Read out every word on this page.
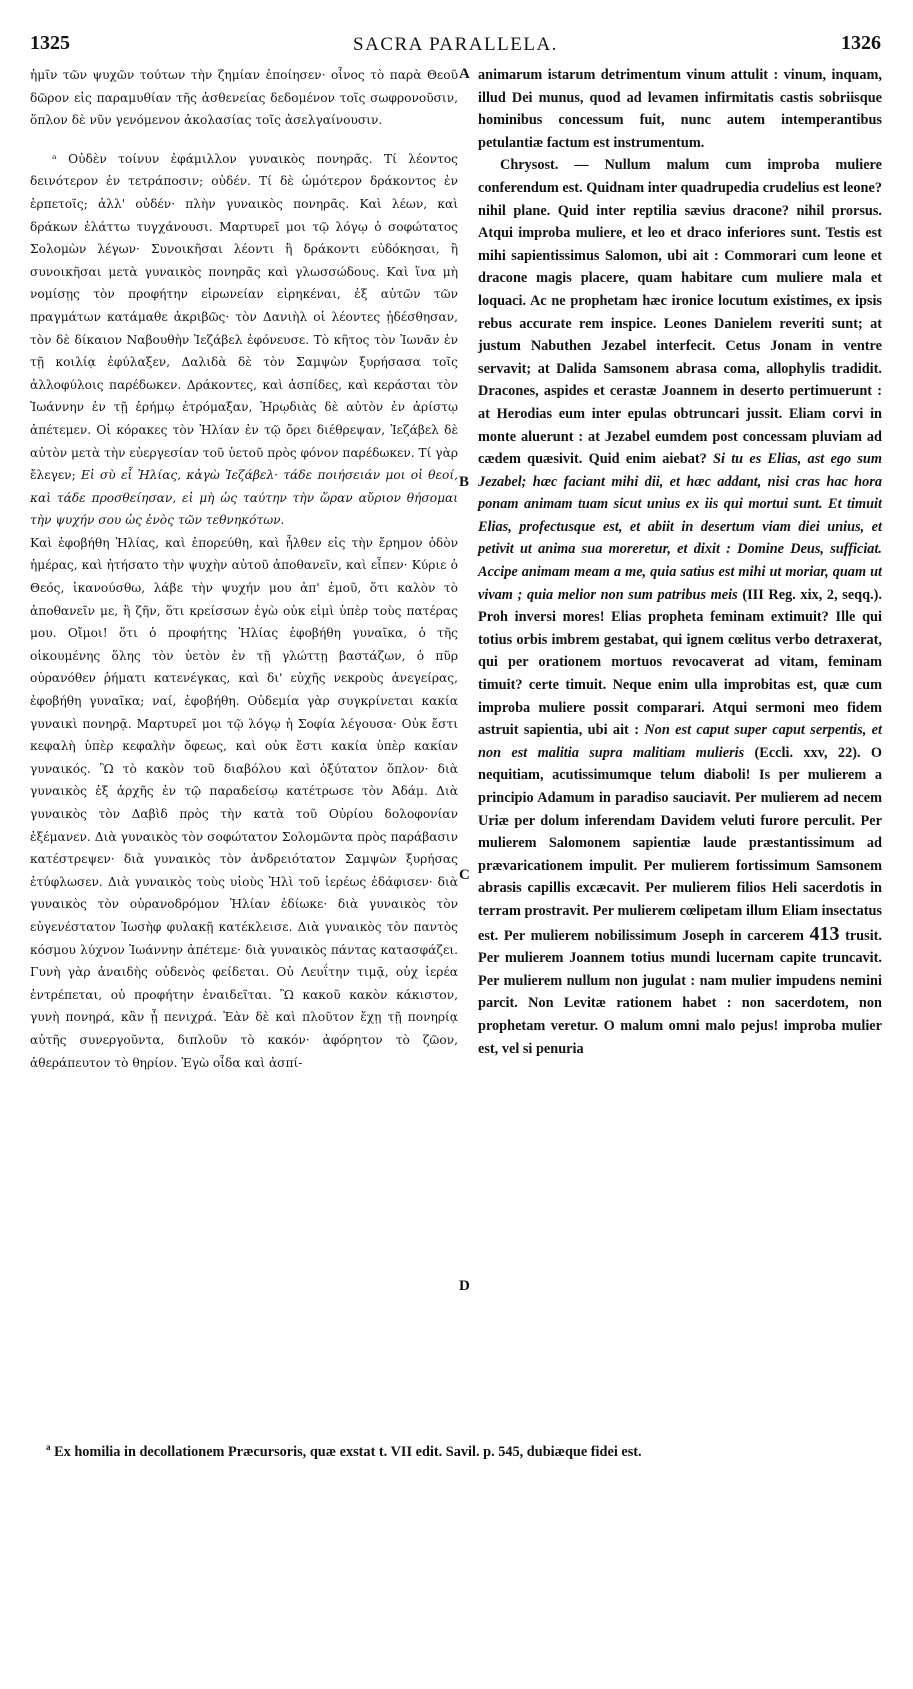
1325	SACRA PARALLELA.	1326

ἡμῖν τῶν ψυχῶν τούτων τὴν ζημίαν ἐποίησεν· οἶνος τὸ παρὰ Θεοῦ δῶρον εἰς παραμυθίαν τῆς ἀσθενείας δεδομένον τοῖς σωφρονοῦσιν, ὅπλον δὲ νῦν γενόμενον ἀκολασίας τοῖς ἀσελγαίνουσιν.

ᵃ Οὐδὲν τοίνυν ἐφάμιλλον γυναικὸς πονηρᾶς. Τί λέοντος δεινότερον ἐν τετράποσιν; οὐδέν. Τί δὲ ὠμότερον δράκοντος ἐν ἑρπετοῖς; ἀλλ' οὐδέν· πλὴν γυναικὸς πονηρᾶς. Καὶ λέων, καὶ δράκων ἐλάττω τυγχάνουσι. Μαρτυρεῖ μοι τῷ λόγῳ ὁ σοφώτατος Σολομὼν λέγων· Συνοικῆσαι λέοντι ἢ δράκοντι εὐδόκησαι, ἢ συνοικῆσαι μετὰ γυναικὸς πονηρᾶς καὶ γλωσσώδους. Καὶ ἵνα μὴ νομίσῃς τὸν προφήτην εἰρωνείαν εἰρηκέναι, ἐξ αὐτῶν τῶν πραγμάτων κατάμαθε ἀκριβῶς· τὸν Δανιὴλ οἱ λέοντες ᾐδέσθησαν, τὸν δὲ δίκαιον Ναβουθὴν Ἰεζάβελ ἐφόνευσε. Τὸ κῆτος τὸν Ἰωνᾶν ἐν τῇ κοιλίᾳ ἐφύλαξεν, Δαλιδὰ δὲ τὸν Σαμψὼν ξυρήσασα τοῖς ἀλλοφύλοις παρέδωκεν. Δράκοντες, καὶ ἀσπίδες, καὶ κεράσται τὸν Ἰωάννην ἐν τῇ ἐρήμῳ ἐτρόμαξαν, Ἡρῳδιὰς δὲ αὐτὸν ἐν ἀρίστῳ ἀπέτεμεν. Οἱ κόρακες τὸν Ἠλίαν ἐν τῷ ὄρει διέθρεψαν, Ἰεζάβελ δὲ αὐτὸν μετὰ τὴν εὐεργεσίαν τοῦ ὑετοῦ πρὸς φόνον παρέδωκεν. Τί γὰρ ἔλεγεν; Εἰ σὺ εἶ Ἠλίας, κἀγὼ Ἰεζάβελ· τάδε ποιήσειάν μοι οἱ θεοί, καὶ τάδε προσθείησαν, εἰ μὴ ὡς ταύτην τὴν ὥραν αὔριον θήσομαι τὴν ψυχήν σου ὡς ἑνὸς τῶν τεθνηκότων.

Καὶ ἐφοβήθη Ἠλίας, καὶ ἐπορεύθη, καὶ ἦλθεν εἰς τὴν ἔρημον ὁδὸν ἡμέρας, καὶ ἠτήσατο τὴν ψυχὴν αὐτοῦ ἀποθανεῖν, καὶ εἶπεν· Κύριε ὁ Θεός, ἱκανούσθω, λάβε τὴν ψυχήν μου ἀπ' ἐμοῦ, ὅτι καλὸν τὸ ἀποθανεῖν με, ἢ ζῆν, ὅτι κρείσσων ἐγὼ οὐκ εἰμὶ ὑπὲρ τοὺς πατέρας μου. Οἴμοι! ὅτι ὁ προφήτης Ἠλίας ἐφοβήθη γυναῖκα, ὁ τῆς οἰκουμένης ὅλης τὸν ὑετὸν ἐν τῇ γλώττῃ βαστάζων, ὁ πῦρ οὐρανόθεν ῥήματι κατενέγκας, καὶ δι' εὐχῆς νεκροὺς ἀνεγείρας, ἐφοβήθη γυναῖκα; ναί, ἐφοβήθη. Οὐδεμία γὰρ συγκρίνεται κακία γυναικὶ πονηρᾷ. Μαρτυρεῖ μοι τῷ λόγῳ ἡ Σοφία λέγουσα· Οὐκ ἔστι κεφαλὴ ὑπὲρ κεφαλὴν ὄφεως, καὶ οὐκ ἔστι κακία ὑπὲρ κακίαν γυναικός. Ὢ τὸ κακὸν τοῦ διαβόλου καὶ ὀξύτατον ὅπλον· διὰ γυναικὸς ἐξ ἀρχῆς ἐν τῷ παραδείσῳ κατέτρωσε τὸν Ἀδάμ. Διὰ γυναικὸς τὸν Δαβὶδ πρὸς τὴν κατὰ τοῦ Οὐρίου δολοφονίαν ἐξέμανεν. Διὰ γυναικὸς τὸν σοφώτατον Σολομῶντα πρὸς παράβασιν κατέστρεψεν· διὰ γυναικὸς τὸν ἀνδρειότατον Σαμψὼν ξυρήσας ἐτύφλωσεν. Διὰ γυναικὸς τοὺς υἱοὺς Ἠλὶ τοῦ ἱερέως ἐδάφισεν· διὰ γυναικὸς τὸν οὐρανοδρόμον Ἠλίαν ἐδίωκε· διὰ γυναικὸς τὸν εὐγενέστατον Ἰωσὴφ φυλακῇ κατέκλεισε. Διὰ γυναικὸς τὸν παντὸς κόσμου λύχνον Ἰωάννην ἀπέτεμε· διὰ γυναικὸς πάντας κατασφάζει. Γυνὴ γὰρ ἀναιδὴς οὐδενὸς φείδεται. Οὐ Λευΐτην τιμᾷ, οὐχ ἱερέα ἐντρέπεται, οὐ προφήτην ἐναιδεῖται. Ὢ κακοῦ κακὸν κάκιστον, γυνὴ πονηρά, κἂν ᾖ πενιχρά. Ἐὰν δὲ καὶ πλοῦτον ἔχῃ τῇ πονηρίᾳ αὐτῆς συνεργοῦντα, διπλοῦν τὸ κακόν· ἀφόρητον τὸ ζῶον, ἀθεράπευτον τὸ θηρίον. Ἐγὼ οἶδα καὶ ἀσπί-

A
B
C
D

animarum istarum detrimentum vinum attulit : vinum, inquam, illud Dei munus, quod ad levamen infirmitatis castis sobriisque hominibus concessum fuit, nunc autem intemperantibus petulantiæ factum est instrumentum.

Chrysost. — Nullum malum cum improba muliere conferendum est. Quidnam inter quadrupedia crudelius est leone? nihil plane. Quid inter reptilia sævius dracone? nihil prorsus. Atqui improba muliere, et leo et draco inferiores sunt. Testis est mihi sapientissimus Salomon, ubi ait : Commorari cum leone et dracone magis placere, quam habitare cum muliere mala et loquaci. Ac ne prophetam hæc ironice locutum existimes, ex ipsis rebus accurate rem inspice. Leones Danielem reveriti sunt; at justum Nabuthen Jezabel interfecit. Cetus Jonam in ventre servavit; at Dalida Samsonem abrasa coma, allophylis tradidit. Dracones, aspides et cerastæ Joannem in deserto pertimuerunt : at Herodias eum inter epulas obtruncari jussit. Eliam corvi in monte aluerunt : at Jezabel eumdem post concessam pluviam ad cædem quæsivit. Quid enim aiebat? Si tu es Elias, ast ego sum Jezabel; hæc faciant mihi dii, et hæc addant, nisi cras hac hora ponam animam tuam sicut unius ex iis qui mortui sunt. Et timuit Elias, profectusque est, et abiit in desertum viam diei unius, et petivit ut anima sua moreretur, et dixit : Domine Deus, sufficiat. Accipe animam meam a me, quia satius est mihi ut moriar, quam ut vivam ; quia melior non sum patribus meis (III Reg. xix, 2, seqq.). Proh inversi mores! Elias propheta feminam extimuit? Ille qui totius orbis imbrem gestabat, qui ignem cœlitus verbo detraxerat, qui per orationem mortuos revocaverat ad vitam, feminam timuit? certe timuit. Neque enim ulla improbitas est, quæ cum improba muliere possit comparari. Atqui sermoni meo fidem astruit sapientia, ubi ait : Non est caput super caput serpentis, et non est malitia supra malitiam mulieris (Eccli. xxv, 22). O nequitiam, acutissimumque telum diaboli! Is per mulierem a principio Adamum in paradiso sauciavit. Per mulierem ad necem Uriæ per dolum inferendam Davidem veluti furore perculit. Per mulierem Salomonem sapientiæ laude præstantissimum ad prævaricationem impulit. Per mulierem fortissimum Samsonem abrasis capillis excæcavit. Per mulierem filios Heli sacerdotis in terram prostravit. Per mulierem cœlipetam illum Eliam insectatus est. Per mulierem nobilissimum Joseph in carcerem 413 trusit. Per mulierem Joannem totius mundi lucernam capite truncavit. Per mulierem nullum non jugulat : nam mulier impudens nemini parcit. Non Levitæ rationem habet : non sacerdotem, non prophetam veretur. O malum omni malo pejus! improba mulier est, vel si penuria

$^a$ Ex homilia in decollationem Præcursoris, quæ exstat t. VII edit. Savil. p. 545, dubiæque fidei est.
